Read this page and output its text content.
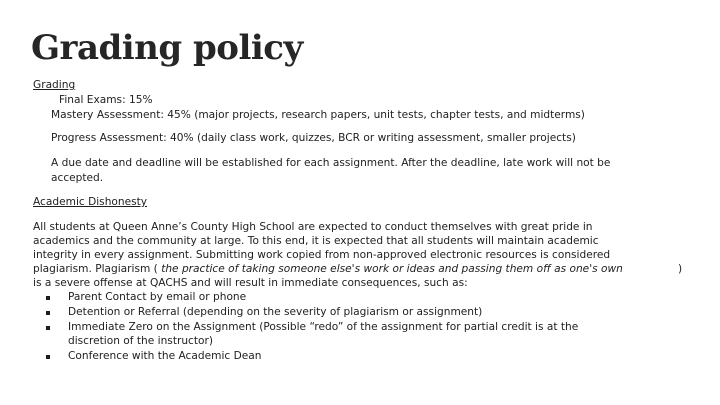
Grading policy
Grading
Final Exams: 15%
Mastery Assessment: 45% (major projects, research papers, unit tests, chapter tests, and midterms)
Progress Assessment: 40% (daily class work, quizzes, BCR or writing assessment, smaller projects)
A due date and deadline will be established for each assignment. After the deadline, late work will not be
accepted.
Academic Dishonesty
All students at Queen Anne’s County High School are expected to conduct themselves with great pride in
academics and the community at large. To this end, it is expected that all students will maintain academic
integrity in every assignment. Submitting work copied from non-approved electronic resources is considered
plagiarism. Plagiarism ( the practice of taking someone else's work or ideas and passing them off as one's own	)
is a severe offense at QACHS and will result in immediate consequences, such as:
Parent Contact by email or phone
Detention or Referral (depending on the severity of plagiarism or assignment)
Immediate Zero on the Assignment (Possible “redo” of the assignment for partial credit is at the
discretion of the instructor)
Conference with the Academic Dean
